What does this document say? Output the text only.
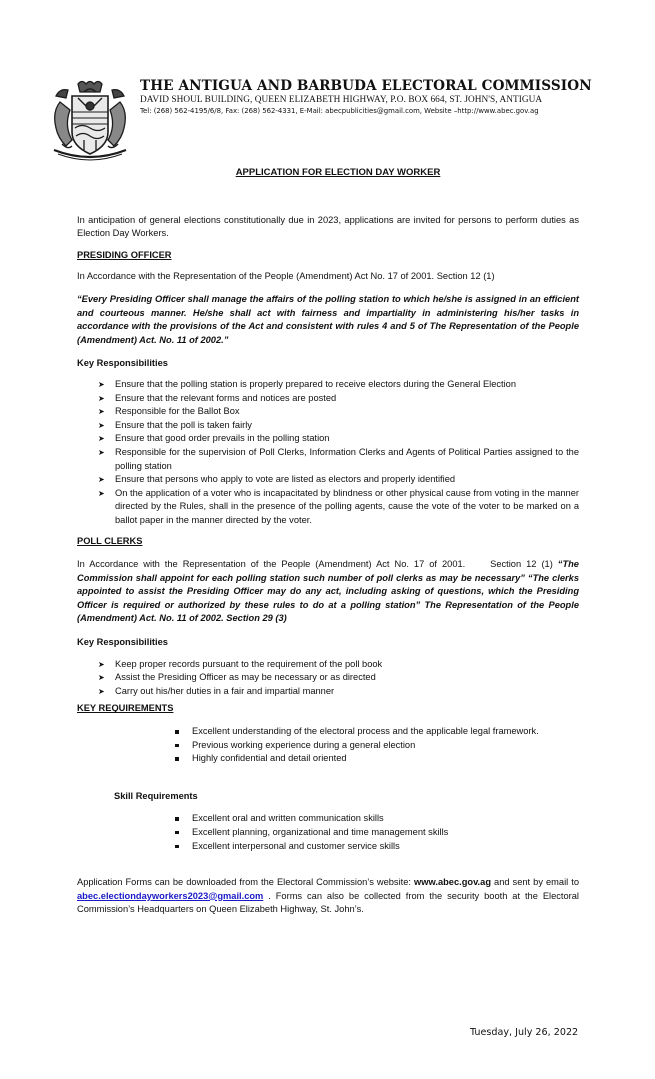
THE ANTIGUA AND BARBUDA ELECTORAL COMMISSION
DAVID SHOUL BUILDING, QUEEN ELIZABETH HIGHWAY, P.O. BOX 664, ST. JOHN'S, ANTIGUA
Tel: (268) 562-4195/6/8, Fax: (268) 562-4331, E-Mail: abecpublicities@gmail.com, Website –http://www.abec.gov.ag
APPLICATION FOR ELECTION DAY WORKER
In anticipation of general elections constitutionally due in 2023, applications are invited for persons to perform duties as Election Day Workers.
PRESIDING OFFICER
In Accordance with the Representation of the People (Amendment) Act No. 17 of 2001. Section 12 (1)
“Every Presiding Officer shall manage the affairs of the polling station to which he/she is assigned in an efficient and courteous manner. He/she shall act with fairness and impartiality in administering his/her tasks in accordance with the provisions of the Act and consistent with rules 4 and 5 of The Representation of the People (Amendment) Act. No. 11 of 2002.”
Key Responsibilities
➤ Ensure that the polling station is properly prepared to receive electors during the General Election
➤ Ensure that the relevant forms and notices are posted
➤ Responsible for the Ballot Box
➤ Ensure that the poll is taken fairly
➤ Ensure that good order prevails in the polling station
➤ Responsible for the supervision of Poll Clerks, Information Clerks and Agents of Political Parties assigned to the polling station
➤ Ensure that persons who apply to vote are listed as electors and properly identified
➤ On the application of a voter who is incapacitated by blindness or other physical cause from voting in the manner directed by the Rules, shall in the presence of the polling agents, cause the vote of the voter to be marked on a ballot paper in the manner directed by the voter.
POLL CLERKS
In Accordance with the Representation of the People (Amendment) Act No. 17 of 2001.	Section 12 (1) “The Commission shall appoint for each polling station such number of poll clerks as may be necessary” “The clerks appointed to assist the Presiding Officer may do any act, including asking of questions, which the Presiding Officer is required or authorized by these rules to do at a polling station” The Representation of the People (Amendment) Act. No. 11 of 2002. Section 29 (3)
Key Responsibilities
➤ Keep proper records pursuant to the requirement of the poll book
➤ Assist the Presiding Officer as may be necessary or as directed
➤ Carry out his/her duties in a fair and impartial manner
KEY REQUIREMENTS
Excellent understanding of the electoral process and the applicable legal framework.
Previous working experience during a general election
Highly confidential and detail oriented
Skill Requirements
Excellent oral and written communication skills
Excellent planning, organizational and time management skills
Excellent interpersonal and customer service skills
Application Forms can be downloaded from the Electoral Commission’s website: www.abec.gov.ag and sent by email to abec.electiondayworkers2023@gmail.com . Forms can also be collected from the security booth at the Electoral Commission’s Headquarters on Queen Elizabeth Highway, St. John’s.
Tuesday, July 26, 2022
